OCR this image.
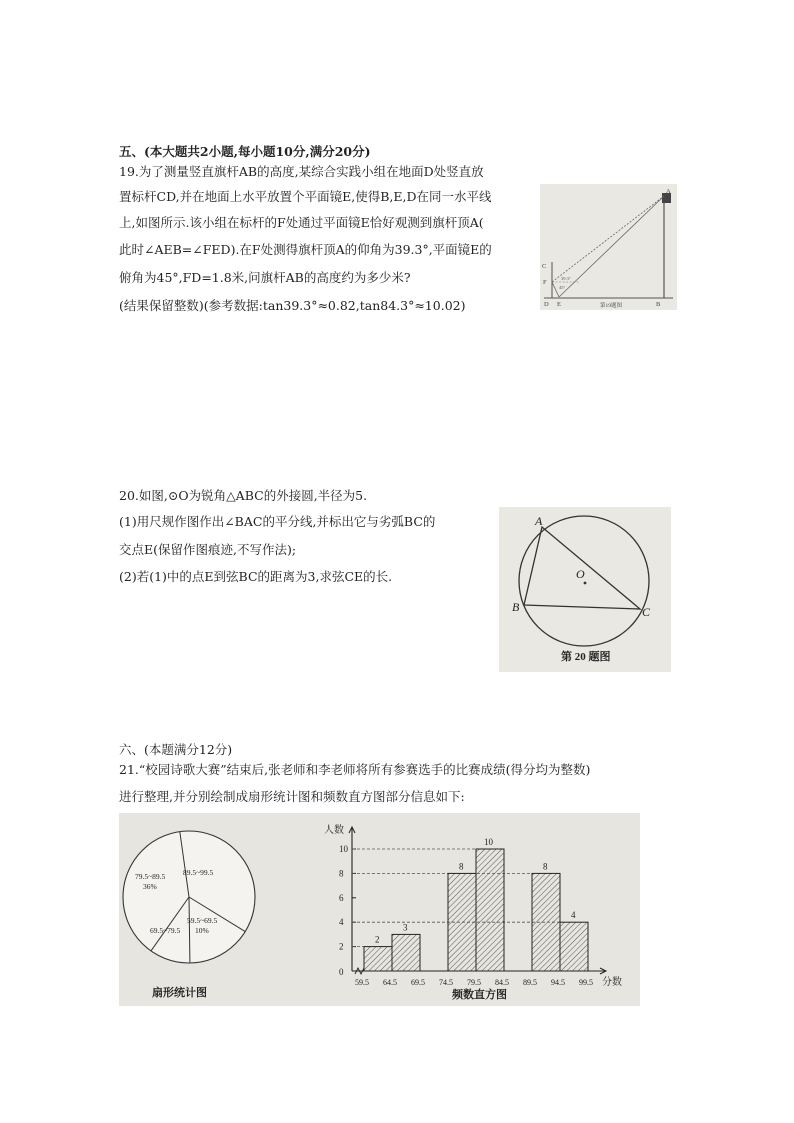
五、(本大题共2小题,每小题10分,满分20分)
19.为了测量竖直旗杆AB的高度,某综合实践小组在地面D处竖直放
置标杆CD,并在地面上水平放置个平面镜E,使得B,E,D在同一水平线
上,如图所示.该小组在标杆的F处通过平面镜E恰好观测到旗杆顶A(
此时∠AEB=∠FED).在F处测得旗杆顶A的仰角为39.3°,平面镜E的
俯角为45°,FD=1.8米,问旗杆AB的高度约为多少米?
(结果保留整数)(参考数据:tan39.3°≈0.82,tan84.3°≈10.02)
C
F
D E	B
A
39.3°
45°
第19题图
20.如图,⊙O为锐角△ABC的外接圆,半径为5.
(1)用尺规作图作出∠BAC的平分线,并标出它与劣弧BC的
交点E(保留作图痕迹,不写作法);
(2)若(1)中的点E到弦BC的距离为3,求弦CE的长.
A
B	C
O
第 20 题图
六、(本题满分12分)
21.“校园诗歌大赛”结束后,张老师和李老师将所有参赛选手的比赛成绩(得分均为整数)
进行整理,并分别绘制成扇形统计图和频数直方图部分信息如下:
79.5~89.5
36%
89.5~99.5
59.5~69.5
10%
69.5~79.5
扇形统计图
人数
分数
0
2
4
6
8
10
2
3
8
10
8
4
59.5 64.5 69.5 74.5 79.5 84.5 89.5 94.5 99.5
频数直方图
